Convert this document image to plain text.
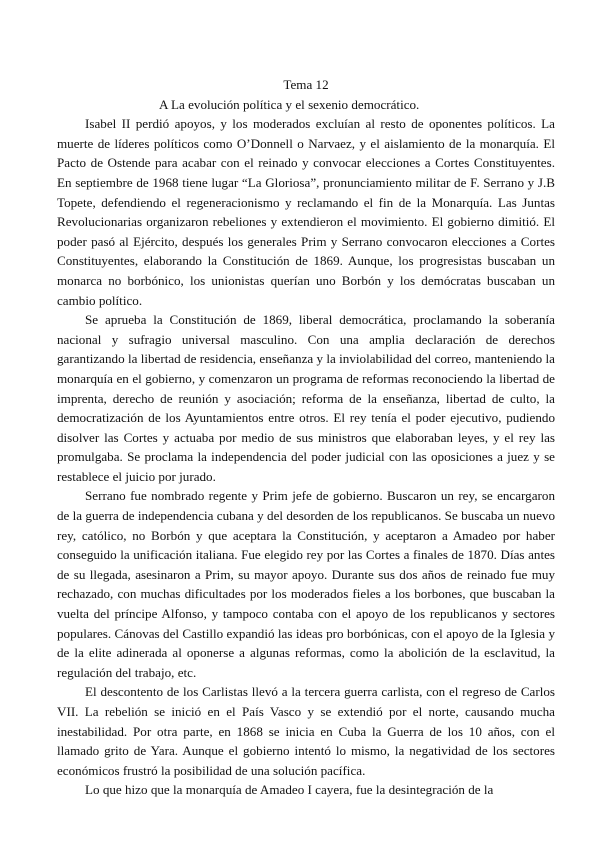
Tema 12
A La evolución política y el sexenio democrático.

Isabel II perdió apoyos, y los moderados excluían al resto de oponentes políticos. La muerte de líderes políticos como O’Donnell o Narvaez, y el aislamiento de la monarquía. El Pacto de Ostende para acabar con el reinado y convocar elecciones a Cortes Constituyentes. En septiembre de 1968 tiene lugar “La Gloriosa”, pronunciamiento militar de F. Serrano y J.B Topete, defendiendo el regeneracionismo y reclamando el fin de la Monarquía. Las Juntas Revolucionarias organizaron rebeliones y extendieron el movimiento. El gobierno dimitió. El poder pasó al Ejército, después los generales Prim y Serrano convocaron elecciones a Cortes Constituyentes, elaborando la Constitución de 1869. Aunque, los progresistas buscaban un monarca no borbónico, los unionistas querían uno Borbón y los demócratas buscaban un cambio político.

Se aprueba la Constitución de 1869, liberal democrática, proclamando la soberanía nacional y sufragio universal masculino. Con una amplia declaración de derechos garantizando la libertad de residencia, enseñanza y la inviolabilidad del correo, manteniendo la monarquía en el gobierno, y comenzaron un programa de reformas reconociendo la libertad de imprenta, derecho de reunión y asociación; reforma de la enseñanza, libertad de culto, la democratización de los Ayuntamientos entre otros. El rey tenía el poder ejecutivo, pudiendo disolver las Cortes y actuaba por medio de sus ministros que elaboraban leyes, y el rey las promulgaba. Se proclama la independencia del poder judicial con las oposiciones a juez y se restablece el juicio por jurado.

Serrano fue nombrado regente y Prim jefe de gobierno. Buscaron un rey, se encargaron de la guerra de independencia cubana y del desorden de los republicanos. Se buscaba un nuevo rey, católico, no Borbón y que aceptara la Constitución, y aceptaron a Amadeo por haber conseguido la unificación italiana. Fue elegido rey por las Cortes a finales de 1870. Días antes de su llegada, asesinaron a Prim, su mayor apoyo. Durante sus dos años de reinado fue muy rechazado, con muchas dificultades por los moderados fieles a los borbones, que buscaban la vuelta del príncipe Alfonso, y tampoco contaba con el apoyo de los republicanos y sectores populares. Cánovas del Castillo expandió las ideas pro borbónicas, con el apoyo de la Iglesia y de la elite adinerada al oponerse a algunas reformas, como la abolición de la esclavitud, la regulación del trabajo, etc.

El descontento de los Carlistas llevó a la tercera guerra carlista, con el regreso de Carlos VII. La rebelión se inició en el País Vasco y se extendió por el norte, causando mucha inestabilidad. Por otra parte, en 1868 se inicia en Cuba la Guerra de los 10 años, con el llamado grito de Yara. Aunque el gobierno intentó lo mismo, la negatividad de los sectores económicos frustró la posibilidad de una solución pacífica.

Lo que hizo que la monarquía de Amadeo I cayera, fue la desintegración de la
